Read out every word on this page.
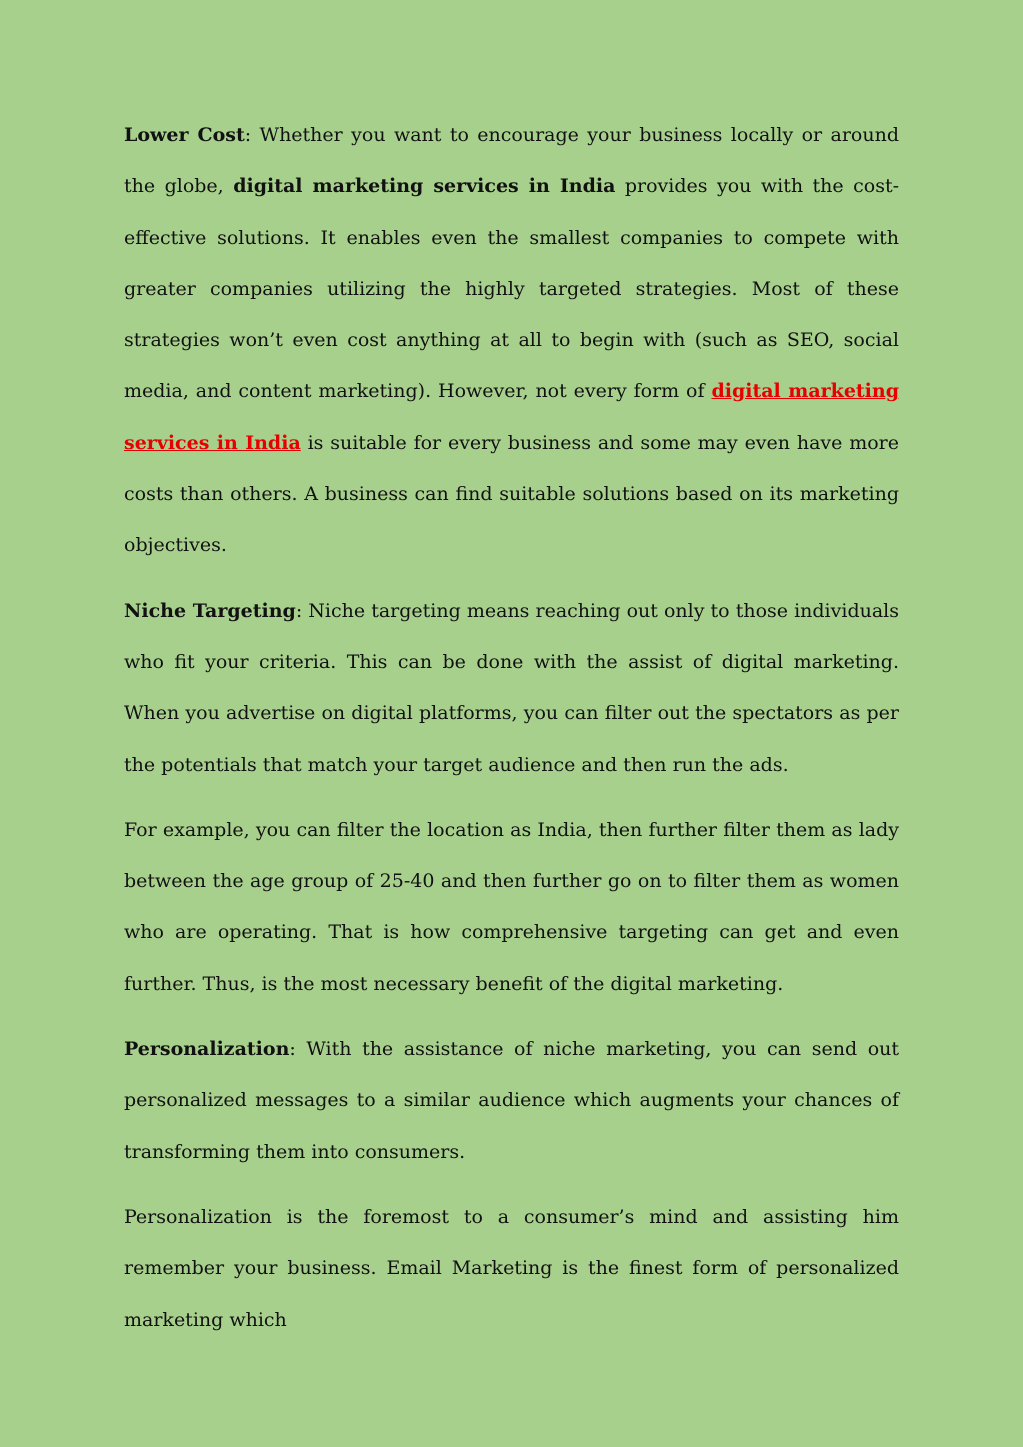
Lower Cost: Whether you want to encourage your business locally or around the globe, digital marketing services in India provides you with the cost-effective solutions. It enables even the smallest companies to compete with greater companies utilizing the highly targeted strategies. Most of these strategies won’t even cost anything at all to begin with (such as SEO, social media, and content marketing). However, not every form of digital marketing services in India is suitable for every business and some may even have more costs than others. A business can find suitable solutions based on its marketing objectives.

Niche Targeting: Niche targeting means reaching out only to those individuals who fit your criteria. This can be done with the assist of digital marketing. When you advertise on digital platforms, you can filter out the spectators as per the potentials that match your target audience and then run the ads.

For example, you can filter the location as India, then further filter them as lady between the age group of 25-40 and then further go on to filter them as women who are operating. That is how comprehensive targeting can get and even further. Thus, is the most necessary benefit of the digital marketing.

Personalization: With the assistance of niche marketing, you can send out personalized messages to a similar audience which augments your chances of transforming them into consumers.

Personalization is the foremost to a consumer’s mind and assisting him remember your business. Email Marketing is the finest form of personalized marketing which
